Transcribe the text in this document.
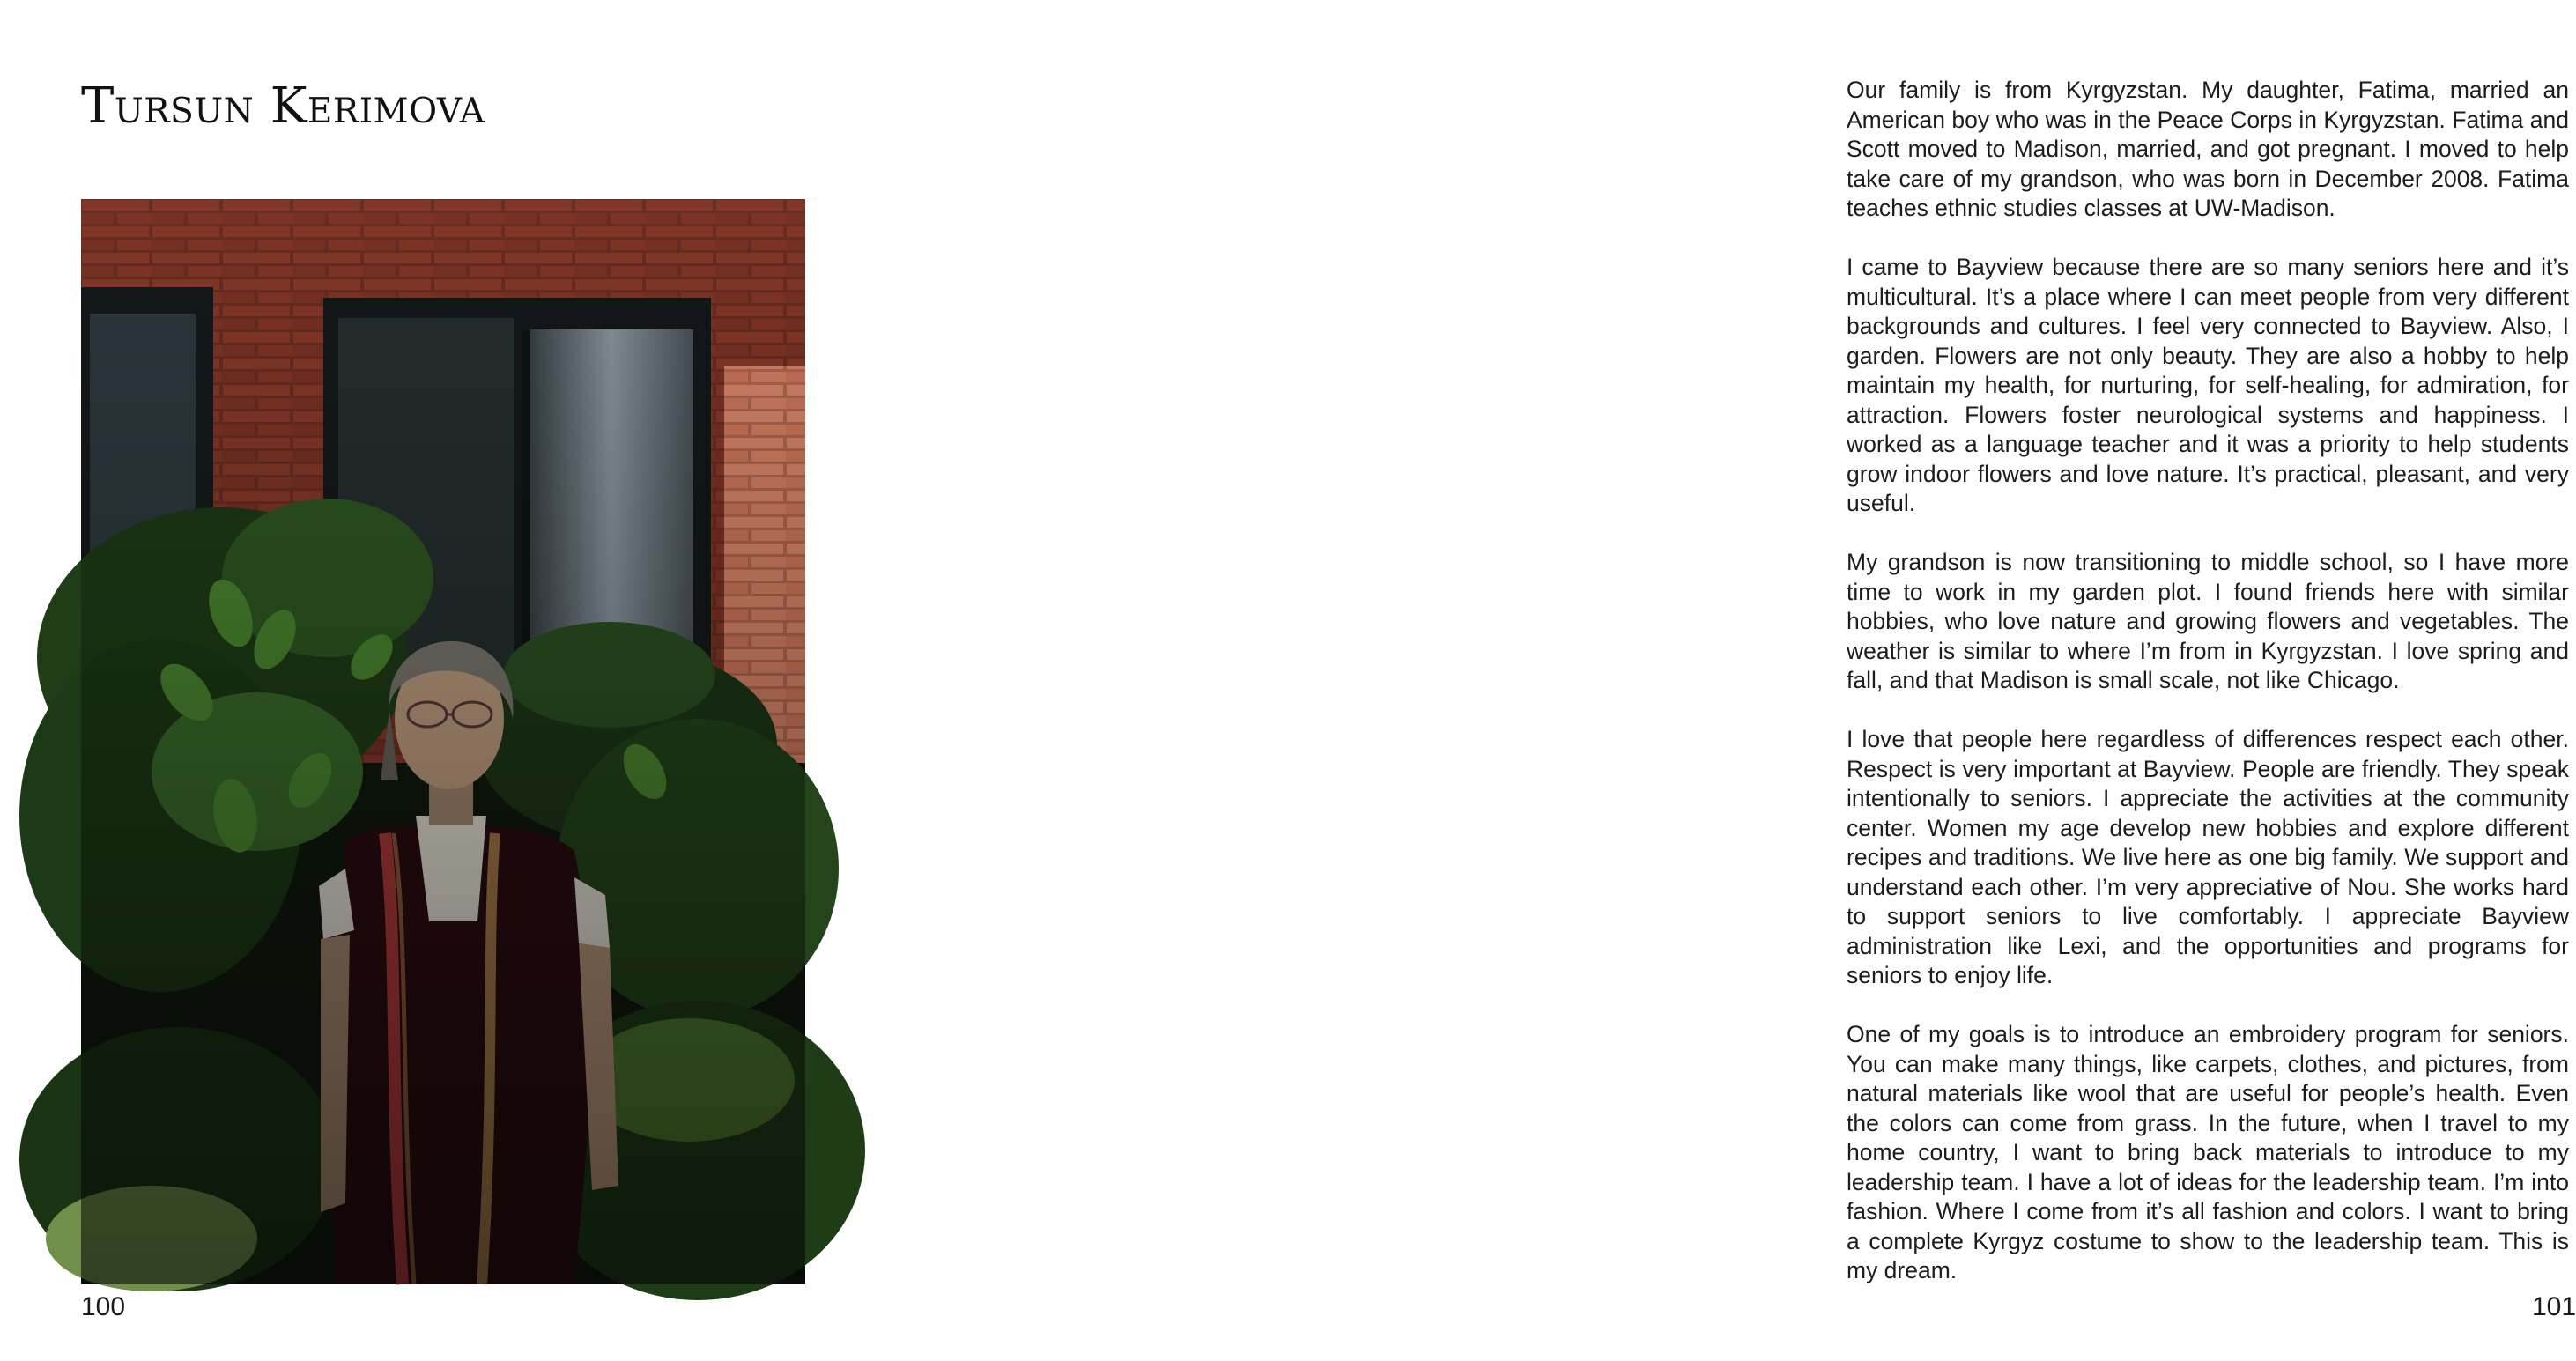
Tursun Kerimova
100

Our family is from Kyrgyzstan. My daughter, Fatima, married an American boy who was in the Peace Corps in Kyrgyzstan. Fatima and Scott moved to Madison, married, and got pregnant. I moved to help take care of my grandson, who was born in December 2008. Fatima teaches ethnic studies classes at UW-Madison.

I came to Bayview because there are so many seniors here and it’s multicultural. It’s a place where I can meet people from very different backgrounds and cultures. I feel very connected to Bayview. Also, I garden. Flowers are not only beauty. They are also a hobby to help maintain my health, for nurturing, for self-healing, for admiration, for attraction. Flowers foster neurological systems and happiness. I worked as a language teacher and it was a priority to help students grow indoor flowers and love nature. It’s practical, pleasant, and very useful.

My grandson is now transitioning to middle school, so I have more time to work in my garden plot. I found friends here with similar hobbies, who love nature and growing flowers and vegetables. The weather is similar to where I’m from in Kyrgyzstan. I love spring and fall, and that Madison is small scale, not like Chicago.

I love that people here regardless of differences respect each other. Respect is very important at Bayview. People are friendly. They speak intentionally to seniors. I appreciate the activities at the community center. Women my age develop new hobbies and explore different recipes and traditions. We live here as one big family. We support and understand each other. I’m very appreciative of Nou. She works hard to support seniors to live comfortably. I appreciate Bayview administration like Lexi, and the opportunities and programs for seniors to enjoy life.

One of my goals is to introduce an embroidery program for seniors. You can make many things, like carpets, clothes, and pictures, from natural materials like wool that are useful for people’s health. Even the colors can come from grass. In the future, when I travel to my home country, I want to bring back materials to introduce to my leadership team. I have a lot of ideas for the leadership team. I’m into fashion. Where I come from it’s all fashion and colors. I want to bring a complete Kyrgyz costume to show to the leadership team. This is my dream.

101
